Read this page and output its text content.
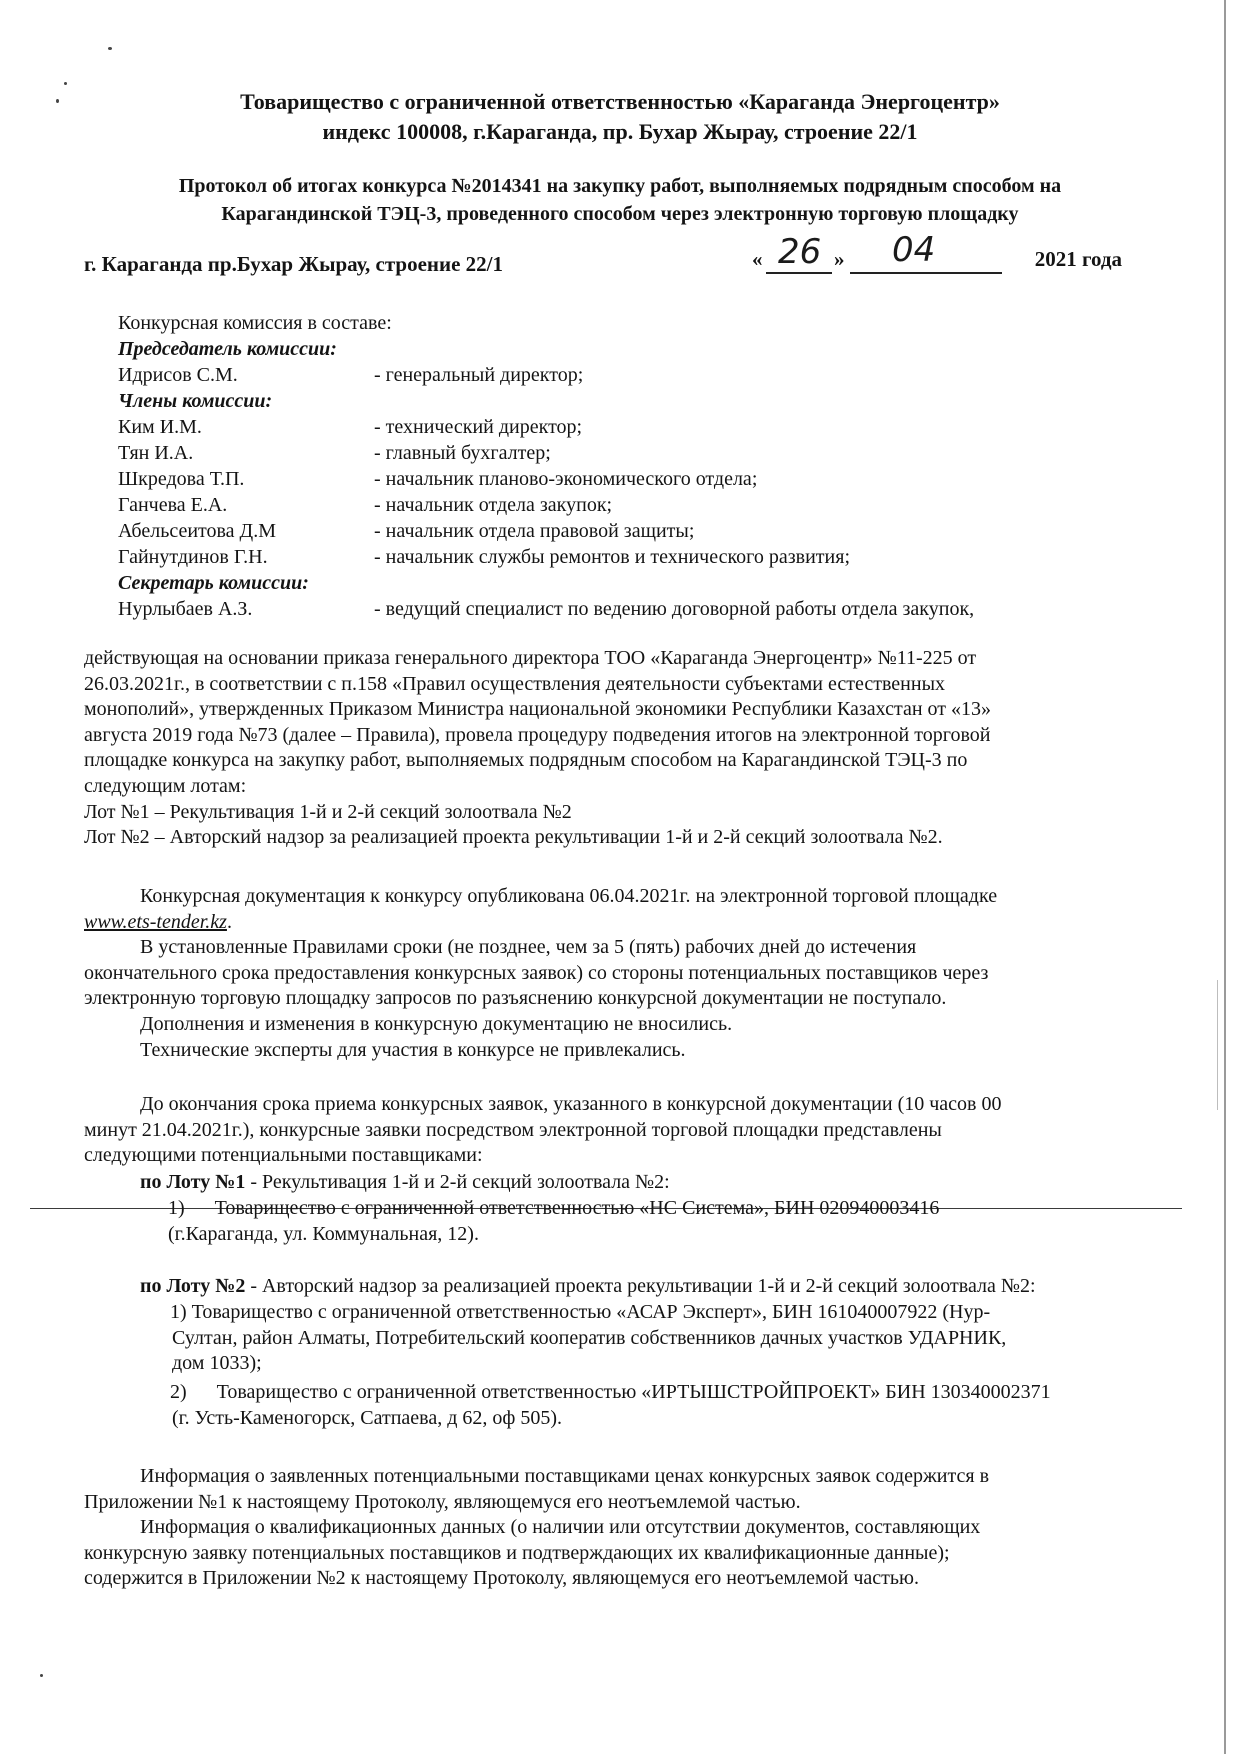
Товарищество с ограниченной ответственностью «Караганда Энергоцентр»
индекс 100008, г.Караганда, пр. Бухар Жырау, строение 22/1
Протокол об итогах конкурса №2014341 на закупку работ, выполняемых подрядным способом на
Карагандинской ТЭЦ-3, проведенного способом через электронную торговую площадку
г. Караганда пр.Бухар Жырау, строение 22/1	« 26 » 04	2021 года
Конкурсная комиссия в составе:
Председатель комиссии:
Идрисов С.М.	- генеральный директор;
Члены комиссии:
Ким И.М.	- технический директор;
Тян И.А.	- главный бухгалтер;
Шкредова Т.П.	- начальник планово-экономического отдела;
Ганчева Е.А.	- начальник отдела закупок;
Абельсеитова Д.М	- начальник отдела правовой защиты;
Гайнутдинов Г.Н.	- начальник службы ремонтов и технического развития;
Секретарь комиссии:
Нурлыбаев А.З.	- ведущий специалист по ведению договорной работы отдела закупок,
действующая на основании приказа генерального директора ТОО «Караганда Энергоцентр» №11-225 от
26.03.2021г., в соответствии с п.158 «Правил осуществления деятельности субъектами естественных
монополий», утвержденных Приказом Министра национальной экономики Республики Казахстан от «13»
августа 2019 года №73 (далее – Правила), провела процедуру подведения итогов на электронной торговой
площадке конкурса на закупку работ, выполняемых подрядным способом на Карагандинской ТЭЦ-3 по
следующим лотам:
Лот №1 – Рекультивация 1-й и 2-й секций золоотвала №2
Лот №2 – Авторский надзор за реализацией проекта рекультивации 1-й и 2-й секций золоотвала №2.
Конкурсная документация к конкурсу опубликована 06.04.2021г. на электронной торговой площадке
www.ets-tender.kz.
В установленные Правилами сроки (не позднее, чем за 5 (пять) рабочих дней до истечения
окончательного срока предоставления конкурсных заявок) со стороны потенциальных поставщиков через
электронную торговую площадку запросов по разъяснению конкурсной документации не поступало.
Дополнения и изменения в конкурсную документацию не вносились.
Технические эксперты для участия в конкурсе не привлекались.
До окончания срока приема конкурсных заявок, указанного в конкурсной документации (10 часов 00
минут 21.04.2021г.), конкурсные заявки посредством электронной торговой площадки представлены
следующими потенциальными поставщиками:
по Лоту №1 - Рекультивация 1-й и 2-й секций золоотвала №2:
1)      Товарищество с ограниченной ответственностью «НС Система», БИН 020940003416
(г.Караганда, ул. Коммунальная, 12).
по Лоту №2 - Авторский надзор за реализацией проекта рекультивации 1-й и 2-й секций золоотвала №2:
1) Товарищество с ограниченной ответственностью «АСАР Эксперт», БИН 161040007922 (Нур-
Султан, район Алматы, Потребительский кооператив собственников дачных участков УДАРНИК,
дом 1033);
2)      Товарищество с ограниченной ответственностью «ИРТЫШСТРОЙПРОЕКТ» БИН 130340002371
(г. Усть-Каменогорск, Сатпаева, д 62, оф 505).
Информация о заявленных потенциальными поставщиками ценах конкурсных заявок содержится в
Приложении №1 к настоящему Протоколу, являющемуся его неотъемлемой частью.
Информация о квалификационных данных (о наличии или отсутствии документов, составляющих
конкурсную заявку потенциальных поставщиков и подтверждающих их квалификационные данные);
содержится в Приложении №2 к настоящему Протоколу, являющемуся его неотъемлемой частью.
